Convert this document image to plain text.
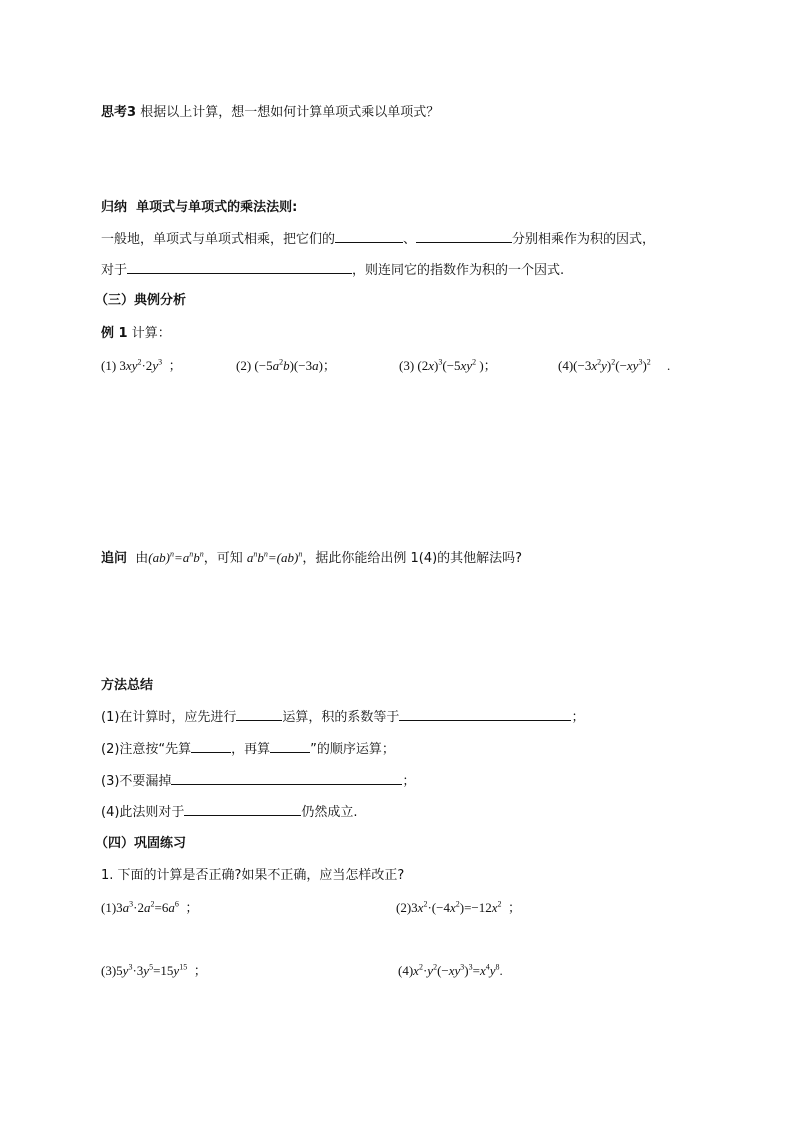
思考3 根据以上计算，想一想如何计算单项式乘以单项式？
归纳 单项式与单项式的乘法法则:
一般地，单项式与单项式相乘，把它们的	、	分别相乘作为积的因式，
对于	，则连同它的指数作为积的一个因式.
（三）典例分析
例 1 计算：
(1) $3xy^2\cdot 2y^3$ ；	(2) $(-5a^2b)(-3a)$；	(3) $(2x)^3(-5xy^2$ )；	$(4)(-3x^2y)^2(-xy^3)^2$ .
追问 由$(ab)^n=a^nb^n$，可知 $a^nb^n=(ab)^n$，据此你能给出例 1(4)的其他解法吗?
方法总结
(1)在计算时，应先进行	运算，积的系数等于	；
(2)注意按“先算	，再算	”的顺序运算；
(3)不要漏掉	；
(4)此法则对于	仍然成立.
（四）巩固练习
1. 下面的计算是否正确?如果不正确，应当怎样改正?
$(1)3a^3\cdot 2a^2=6a^6$ ；	$(2)3x^2\cdot(-4x^2)=-12x^2$ ；
$(3)5y^3\cdot 3y^5=15y^{15}$ ；	$(4)x^2\cdot y^2(-xy^3)^3=x^4y^8$.
